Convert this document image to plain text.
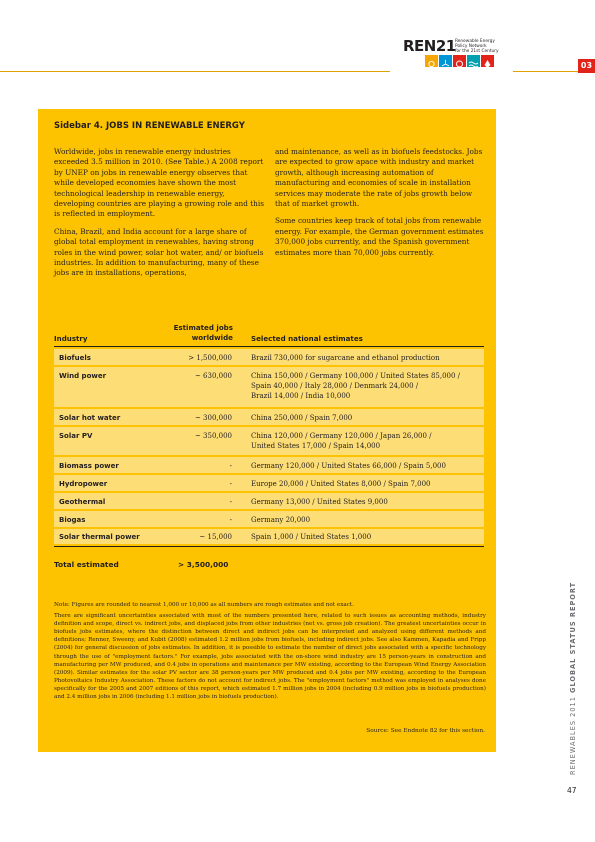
REN21 Renewable Energy
Policy Network
for the 21st Century
03
Sidebar 4. JOBS IN RENEWABLE ENERGY

Worldwide, jobs in renewable energy industries exceeded 3.5 million in 2010. (See Table.) A 2008 report by UNEP on jobs in renewable energy observes that while developed economies have shown the most technological leadership in renewable energy, developing countries are playing a growing role and this is reflected in employment.

China, Brazil, and India account for a large share of global total employment in renewables, having strong roles in the wind power, solar hot water, and/ or biofuels industries. In addition to manufacturing, many of these jobs are in installations, operations,

and maintenance, as well as in biofuels feedstocks. Jobs are expected to grow apace with industry and market growth, although increasing automation of manufacturing and economies of scale in installation services may moderate the rate of jobs growth below that of market growth.

Some countries keep track of total jobs from renewable energy. For example, the German government estimates 370,000 jobs currently, and the Spanish government estimates more than 70,000 jobs currently.

Industry
Estimated jobs
worldwide	Selected national estimates
Biofuels	> 1,500,000	Brazil 730,000 for sugarcane and ethanol production
Wind power	~ 630,000	China 150,000 / Germany 100,000 / United States 85,000 /
Spain 40,000 / Italy 28,000 / Denmark 24,000 /
Brazil 14,000 / India 10,000
Solar hot water	~ 300,000	China 250,000 / Spain 7,000
Solar PV	~ 350,000	China 120,000 / Germany 120,000 / Japan 26,000 /
United States 17,000 / Spain 14,000
Biomass power	-	Germany 120,000 / United States 66,000 / Spain 5,000
Hydropower	-	Europe 20,000 / United States 8,000 / Spain 7,000
Geothermal	-	Germany 13,000 / United States 9,000
Biogas	-	Germany 20,000
Solar thermal power	~ 15,000	Spain 1,000 / United States 1,000
Total estimated	> 3,500,000

Note: Figures are rounded to nearest 1,000 or 10,000 as all numbers are rough estimates and not exact.

There are significant uncertainties associated with most of the numbers presented here, related to such issues as accounting methods, industry definition and scope, direct vs. indirect jobs, and displaced jobs from other industries (net vs. gross job creation). The greatest uncertainties occur in biofuels jobs estimates, where the distinction between direct and indirect jobs can be interpreted and analyzed using different methods and definitions; Renner, Sweeny, and Kubit (2008) estimated 1.2 million jobs from biofuels, including indirect jobs. See also Kammen, Kapadia and Fripp (2004) for general discussion of jobs estimates. In addition, it is possible to estimate the number of direct jobs associated with a specific technology through the use of "employment factors." For example, jobs associated with the on-shore wind industry are 15 person-years in construction and manufacturing per MW produced, and 0.4 jobs in operations and maintenance per MW existing, according to the European Wind Energy Association (2009). Similar estimates for the solar PV sector are 38 person-years per MW produced and 0.4 jobs per MW existing, according to the European Photovoltaics Industry Association. These factors do not account for indirect jobs. The "employment factors" method was employed in analyses done specifically for the 2005 and 2007 editions of this report, which estimated 1.7 million jobs in 2004 (including 0.9 million jobs in biofuels production) and 2.4 million jobs in 2006 (including 1.1 million jobs in biofuels production).

Source: See Endnote 82 for this section.	RENEWABLES 2011 GLOBAL STATUS REPORT
47
